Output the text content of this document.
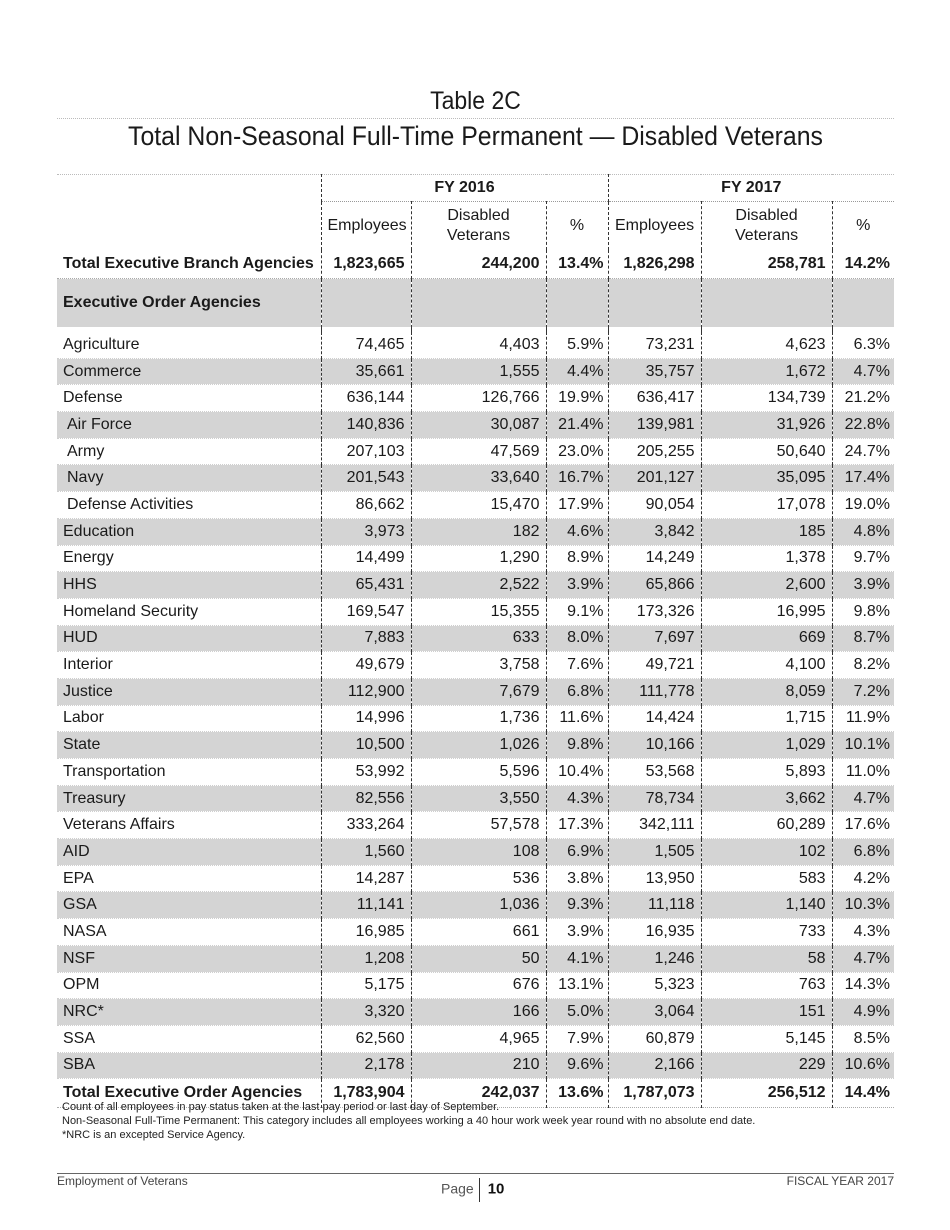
Table 2C
Total Non-Seasonal Full-Time Permanent — Disabled Veterans
	FY 2016			FY 2017		
	Employees	Disabled Veterans	%	Employees	Disabled Veterans	%
Total Executive Branch Agencies	1,823,665	244,200	13.4%	1,826,298	258,781	14.2%
Executive Order Agencies						

Agriculture	74,465	4,403	5.9%	73,231	4,623	6.3%
Commerce	35,661	1,555	4.4%	35,757	1,672	4.7%
Defense	636,144	126,766	19.9%	636,417	134,739	21.2%
Air Force	140,836	30,087	21.4%	139,981	31,926	22.8%
Army	207,103	47,569	23.0%	205,255	50,640	24.7%
Navy	201,543	33,640	16.7%	201,127	35,095	17.4%
Defense Activities	86,662	15,470	17.9%	90,054	17,078	19.0%
Education	3,973	182	4.6%	3,842	185	4.8%
Energy	14,499	1,290	8.9%	14,249	1,378	9.7%
HHS	65,431	2,522	3.9%	65,866	2,600	3.9%
Homeland Security	169,547	15,355	9.1%	173,326	16,995	9.8%
HUD	7,883	633	8.0%	7,697	669	8.7%
Interior	49,679	3,758	7.6%	49,721	4,100	8.2%
Justice	112,900	7,679	6.8%	111,778	8,059	7.2%
Labor	14,996	1,736	11.6%	14,424	1,715	11.9%
State	10,500	1,026	9.8%	10,166	1,029	10.1%
Transportation	53,992	5,596	10.4%	53,568	5,893	11.0%
Treasury	82,556	3,550	4.3%	78,734	3,662	4.7%
Veterans Affairs	333,264	57,578	17.3%	342,111	60,289	17.6%
AID	1,560	108	6.9%	1,505	102	6.8%
EPA	14,287	536	3.8%	13,950	583	4.2%
GSA	11,141	1,036	9.3%	11,118	1,140	10.3%
NASA	16,985	661	3.9%	16,935	733	4.3%
NSF	1,208	50	4.1%	1,246	58	4.7%
OPM	5,175	676	13.1%	5,323	763	14.3%
NRC*	3,320	166	5.0%	3,064	151	4.9%
SSA	62,560	4,965	7.9%	60,879	5,145	8.5%
SBA	2,178	210	9.6%	2,166	229	10.6%
Total Executive Order Agencies	1,783,904	242,037	13.6%	1,787,073	256,512	14.4%
Count of all employees in pay status taken at the last pay period or last day of September.
Non-Seasonal Full-Time Permanent: This category includes all employees working a 40 hour work week year round with no absolute end date.
*NRC is an excepted Service Agency.
Employment of Veterans	Page 10	FISCAL YEAR 2017
